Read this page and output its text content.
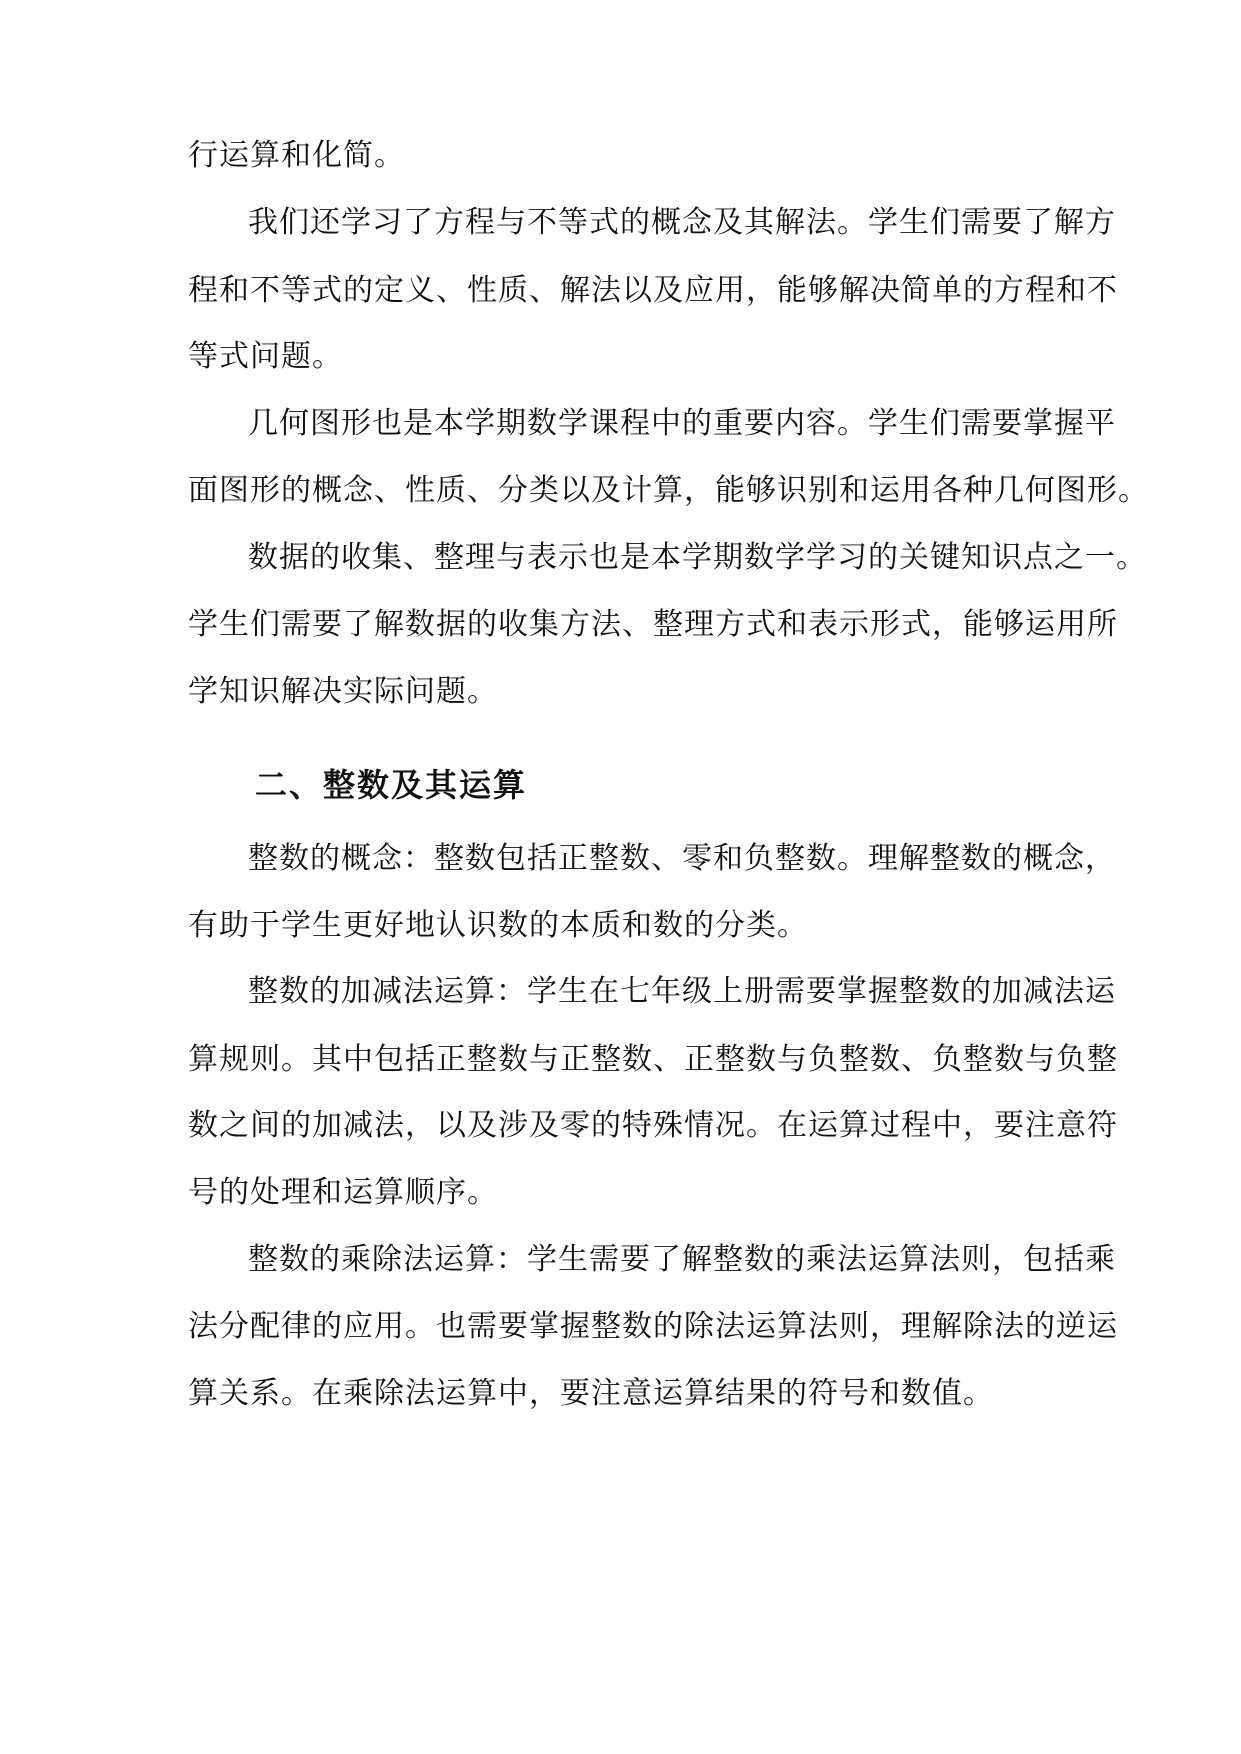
行运算和化简。
我们还学习了方程与不等式的概念及其解法。学生们需要了解方
程和不等式的定义、性质、解法以及应用，能够解决简单的方程和不
等式问题。
几何图形也是本学期数学课程中的重要内容。学生们需要掌握平
面图形的概念、性质、分类以及计算，能够识别和运用各种几何图形。
数据的收集、整理与表示也是本学期数学学习的关键知识点之一。
学生们需要了解数据的收集方法、整理方式和表示形式，能够运用所
学知识解决实际问题。
二、整数及其运算
整数的概念：整数包括正整数、零和负整数。理解整数的概念，
有助于学生更好地认识数的本质和数的分类。
整数的加减法运算：学生在七年级上册需要掌握整数的加减法运
算规则。其中包括正整数与正整数、正整数与负整数、负整数与负整
数之间的加减法，以及涉及零的特殊情况。在运算过程中，要注意符
号的处理和运算顺序。
整数的乘除法运算：学生需要了解整数的乘法运算法则，包括乘
法分配律的应用。也需要掌握整数的除法运算法则，理解除法的逆运
算关系。在乘除法运算中，要注意运算结果的符号和数值。
